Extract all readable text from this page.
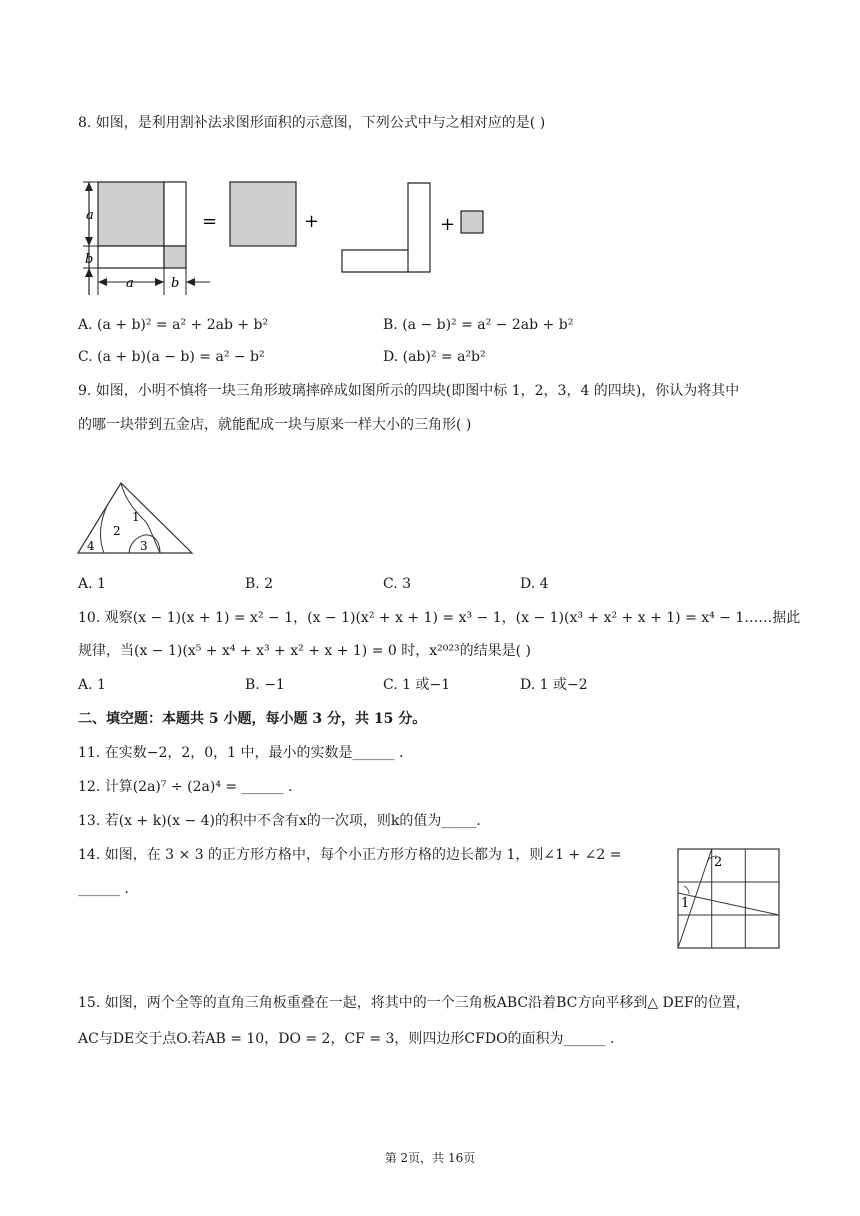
8. 如图，是利用割补法求图形面积的示意图，下列公式中与之相对应的是( )
a
b
a	b
=	+	+
A. (a + b)² = a² + 2ab + b²	B. (a − b)² = a² − 2ab + b²
C. (a + b)(a − b) = a² − b²	D. (ab)² = a²b²
9. 如图，小明不慎将一块三角形玻璃摔碎成如图所示的四块(即图中标 1，2，3，4 的四块)，你认为将其中
的哪一块带到五金店，就能配成一块与原来一样大小的三角形( )
1
2
3
4
A. 1	B. 2	C. 3	D. 4
10. 观察(x − 1)(x + 1) = x² − 1，(x − 1)(x² + x + 1) = x³ − 1，(x − 1)(x³ + x² + x + 1) = x⁴ − 1……据此
规律，当(x − 1)(x⁵ + x⁴ + x³ + x² + x + 1) = 0 时，x²⁰²³的结果是( )
A. 1	B. −1	C. 1 或−1	D. 1 或−2
二、填空题：本题共 5 小题，每小题 3 分，共 15 分。
11. 在实数−2，2，0，1 中，最小的实数是______ .
12. 计算(2a)⁷ ÷ (2a)⁴ = ______ .
13. 若(x + k)(x − 4)的积中不含有x的一次项，则k的值为_____.
14. 如图，在 3 × 3 的正方形方格中，每个小正方形方格的边长都为 1，则∠1 + ∠2 =
______ .
2
1
15. 如图，两个全等的直角三角板重叠在一起，将其中的一个三角板ABC沿着BC方向平移到△ DEF的位置，
AC与DE交于点O.若AB = 10，DO = 2，CF = 3，则四边形CFDO的面积为______ .
第 2页，共 16页
